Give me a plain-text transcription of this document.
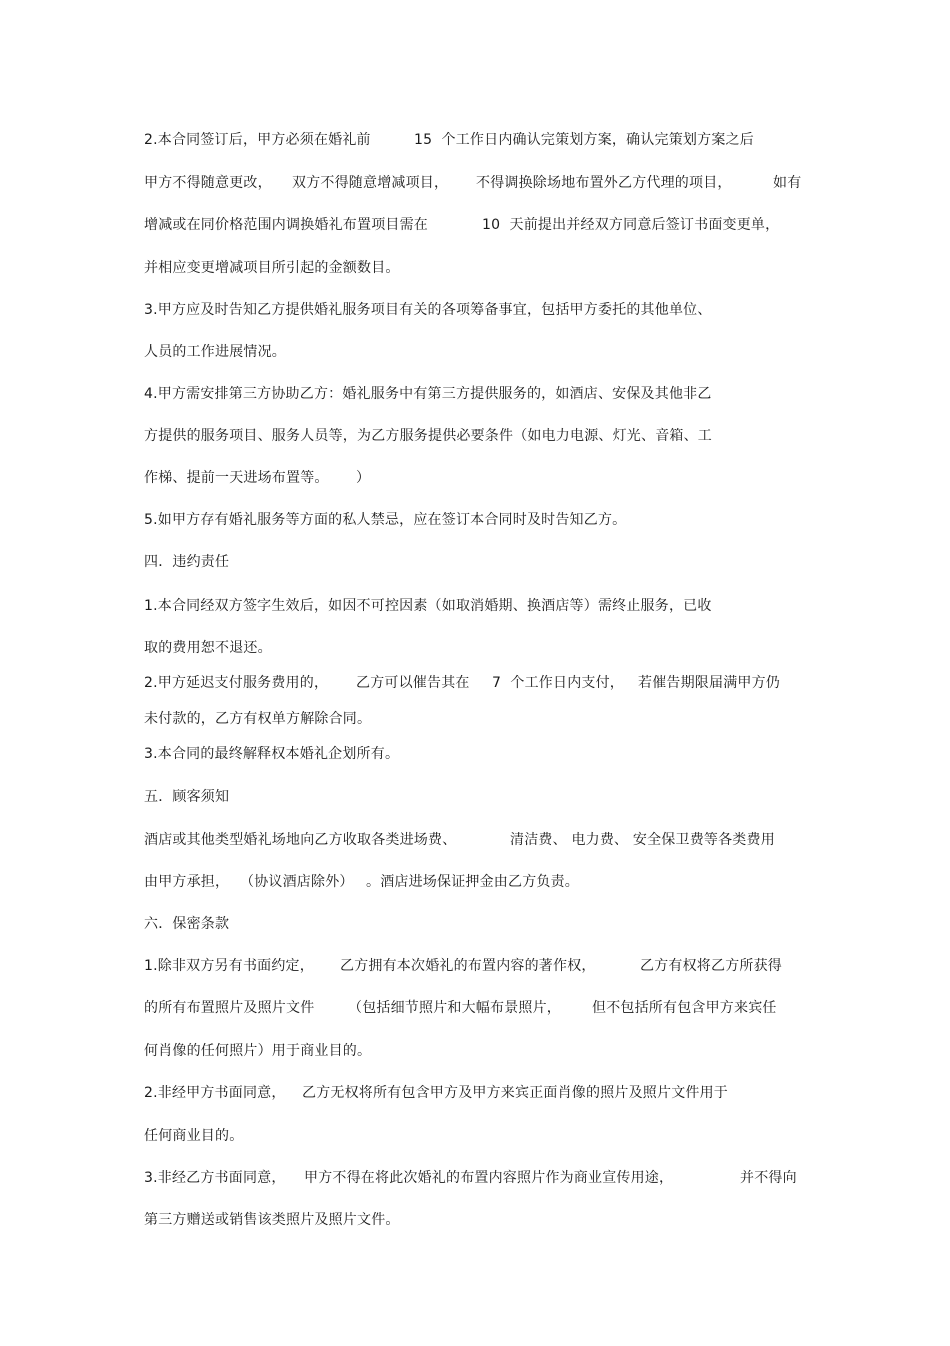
2.本合同签订后，甲方必须在婚礼前

	15  个工作日内确认完策划方案，确认完策划方案之后

甲方不得随意更改，

双方不得随意增减项目，

不得调换除场地布置外乙方代理的项目，

	如有

增减或在同价格范围内调换婚礼布置项目需在

	10  天前提出并经双方同意后签订书面变更单，

并相应变更增减项目所引起的金额数目。

3.甲方应及时告知乙方提供婚礼服务项目有关的各项筹备事宜，包括甲方委托的其他单位、

人员的工作进展情况。

4.甲方需安排第三方协助乙方：婚礼服务中有第三方提供服务的，如酒店、安保及其他非乙

方提供的服务项目、服务人员等，为乙方服务提供必要条件（如电力电源、灯光、音箱、工

作梯、提前一天进场布置等。

）

5.如甲方存有婚礼服务等方面的私人禁忌，应在签订本合同时及时告知乙方。

四．违约责任

1.本合同经双方签字生效后，如因不可控因素（如取消婚期、换酒店等）需终止服务，已收

取的费用恕不退还。

2.甲方延迟支付服务费用的，

乙方可以催告其在

7  个工作日内支付，

若催告期限届满甲方仍

未付款的，乙方有权单方解除合同。

3.本合同的最终解释权本婚礼企划所有。

五．顾客须知

酒店或其他类型婚礼场地向乙方收取各类进场费、

	清洁费、 电力费、 安全保卫费等各类费用

由甲方承担，

（协议酒店除外）

。酒店进场保证押金由乙方负责。

六．保密条款

1.除非双方另有书面约定，

乙方拥有本次婚礼的布置内容的著作权，

	乙方有权将乙方所获得

的所有布置照片及照片文件

（包括细节照片和大幅布景照片，

但不包括所有包含甲方来宾任

何肖像的任何照片）用于商业目的。

2.非经甲方书面同意，

乙方无权将所有包含甲方及甲方来宾正面肖像的照片及照片文件用于

任何商业目的。

3.非经乙方书面同意，

甲方不得在将此次婚礼的布置内容照片作为商业宣传用途，

	并不得向

第三方赠送或销售该类照片及照片文件。
